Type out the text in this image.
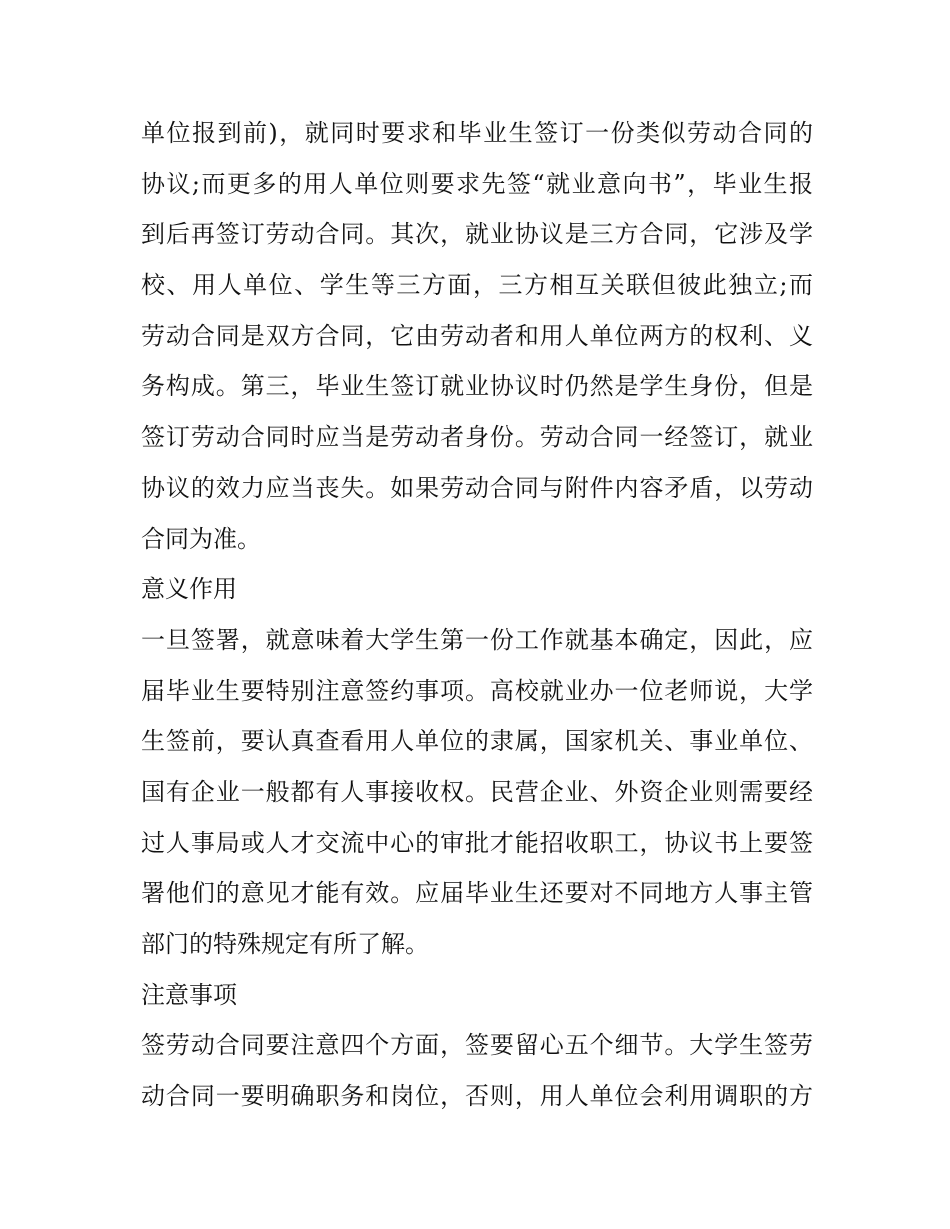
单位报到前)，就同时要求和毕业生签订一份类似劳动合同的
协议;而更多的用人单位则要求先签“就业意向书”，毕业生报
到后再签订劳动合同。其次，就业协议是三方合同，它涉及学
校、用人单位、学生等三方面，三方相互关联但彼此独立;而
劳动合同是双方合同，它由劳动者和用人单位两方的权利、义
务构成。第三，毕业生签订就业协议时仍然是学生身份，但是
签订劳动合同时应当是劳动者身份。劳动合同一经签订，就业
协议的效力应当丧失。如果劳动合同与附件内容矛盾，以劳动
合同为准。
意义作用
一旦签署，就意味着大学生第一份工作就基本确定，因此，应
届毕业生要特别注意签约事项。高校就业办一位老师说，大学
生签前，要认真查看用人单位的隶属，国家机关、事业单位、
国有企业一般都有人事接收权。民营企业、外资企业则需要经
过人事局或人才交流中心的审批才能招收职工，协议书上要签
署他们的意见才能有效。应届毕业生还要对不同地方人事主管
部门的特殊规定有所了解。
注意事项
签劳动合同要注意四个方面，签要留心五个细节。大学生签劳
动合同一要明确职务和岗位，否则，用人单位会利用调职的方
